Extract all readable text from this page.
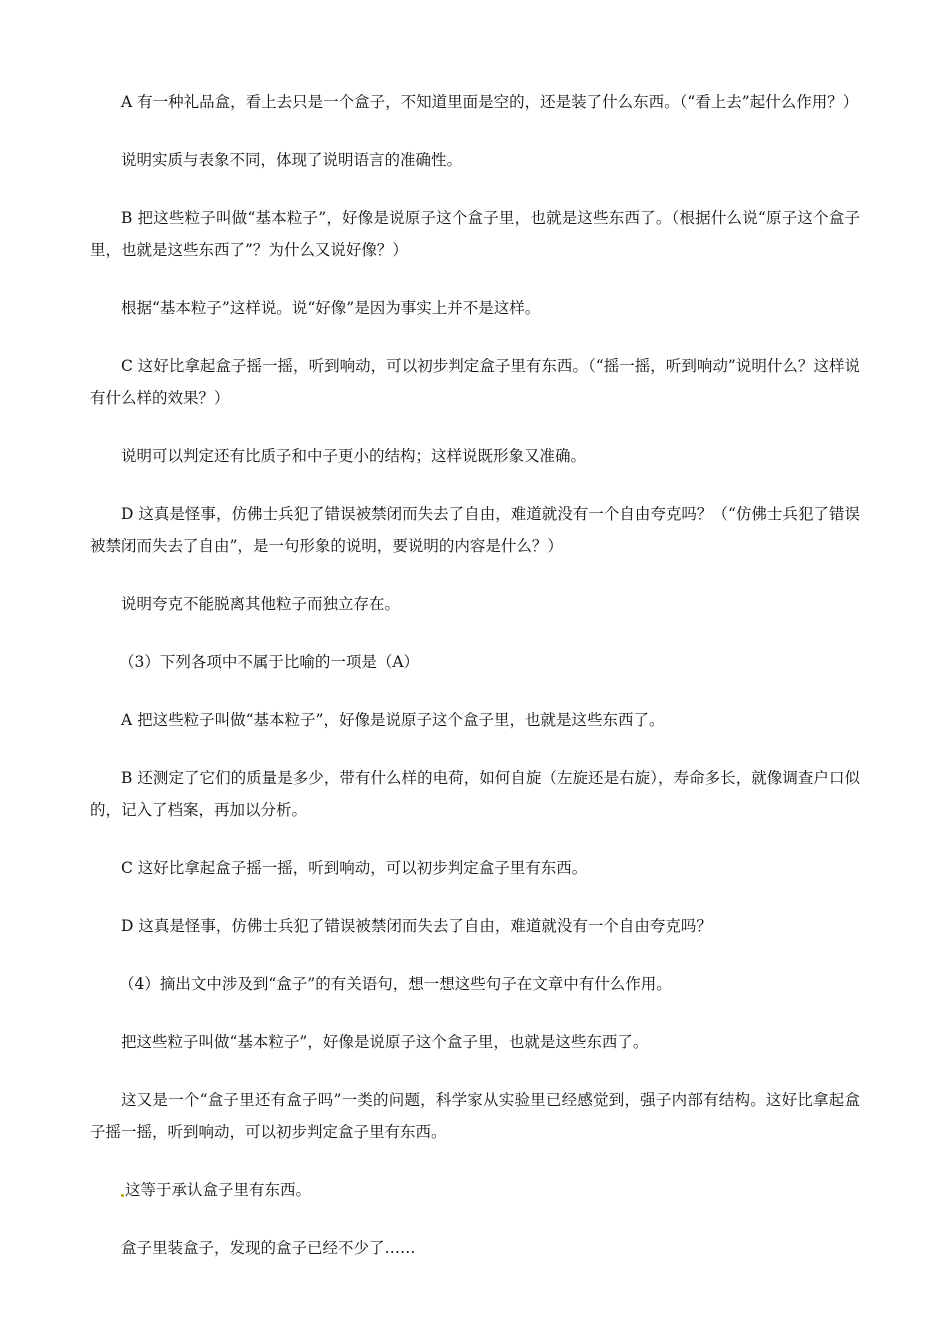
A 有一种礼品盒，看上去只是一个盒子，不知道里面是空的，还是装了什么东西。（“看上去”起什么作用？）

说明实质与表象不同，体现了说明语言的准确性。

B 把这些粒子叫做“基本粒子”，好像是说原子这个盒子里，也就是这些东西了。（根据什么说“原子这个盒子里，也就是这些东西了”？为什么又说好像？）

根据“基本粒子”这样说。说“好像”是因为事实上并不是这样。

C 这好比拿起盒子摇一摇，听到响动，可以初步判定盒子里有东西。（“摇一摇，听到响动”说明什么？这样说有什么样的效果？）

说明可以判定还有比质子和中子更小的结构；这样说既形象又准确。

D 这真是怪事，仿佛士兵犯了错误被禁闭而失去了自由，难道就没有一个自由夸克吗？（“仿佛士兵犯了错误被禁闭而失去了自由”，是一句形象的说明，要说明的内容是什么？）

说明夸克不能脱离其他粒子而独立存在。

（3）下列各项中不属于比喻的一项是（A）

A 把这些粒子叫做“基本粒子”，好像是说原子这个盒子里，也就是这些东西了。

B 还测定了它们的质量是多少，带有什么样的电荷，如何自旋（左旋还是右旋），寿命多长，就像调查户口似的，记入了档案，再加以分析。

C 这好比拿起盒子摇一摇，听到响动，可以初步判定盒子里有东西。

D 这真是怪事，仿佛士兵犯了错误被禁闭而失去了自由，难道就没有一个自由夸克吗？

（4）摘出文中涉及到“盒子”的有关语句，想一想这些句子在文章中有什么作用。

把这些粒子叫做“基本粒子”，好像是说原子这个盒子里，也就是这些东西了。

这又是一个“盒子里还有盒子吗”一类的问题，科学家从实验里已经感觉到，强子内部有结构。这好比拿起盒子摇一摇，听到响动，可以初步判定盒子里有东西。

这等于承认盒子里有东西。

盒子里装盒子，发现的盒子已经不少了……
